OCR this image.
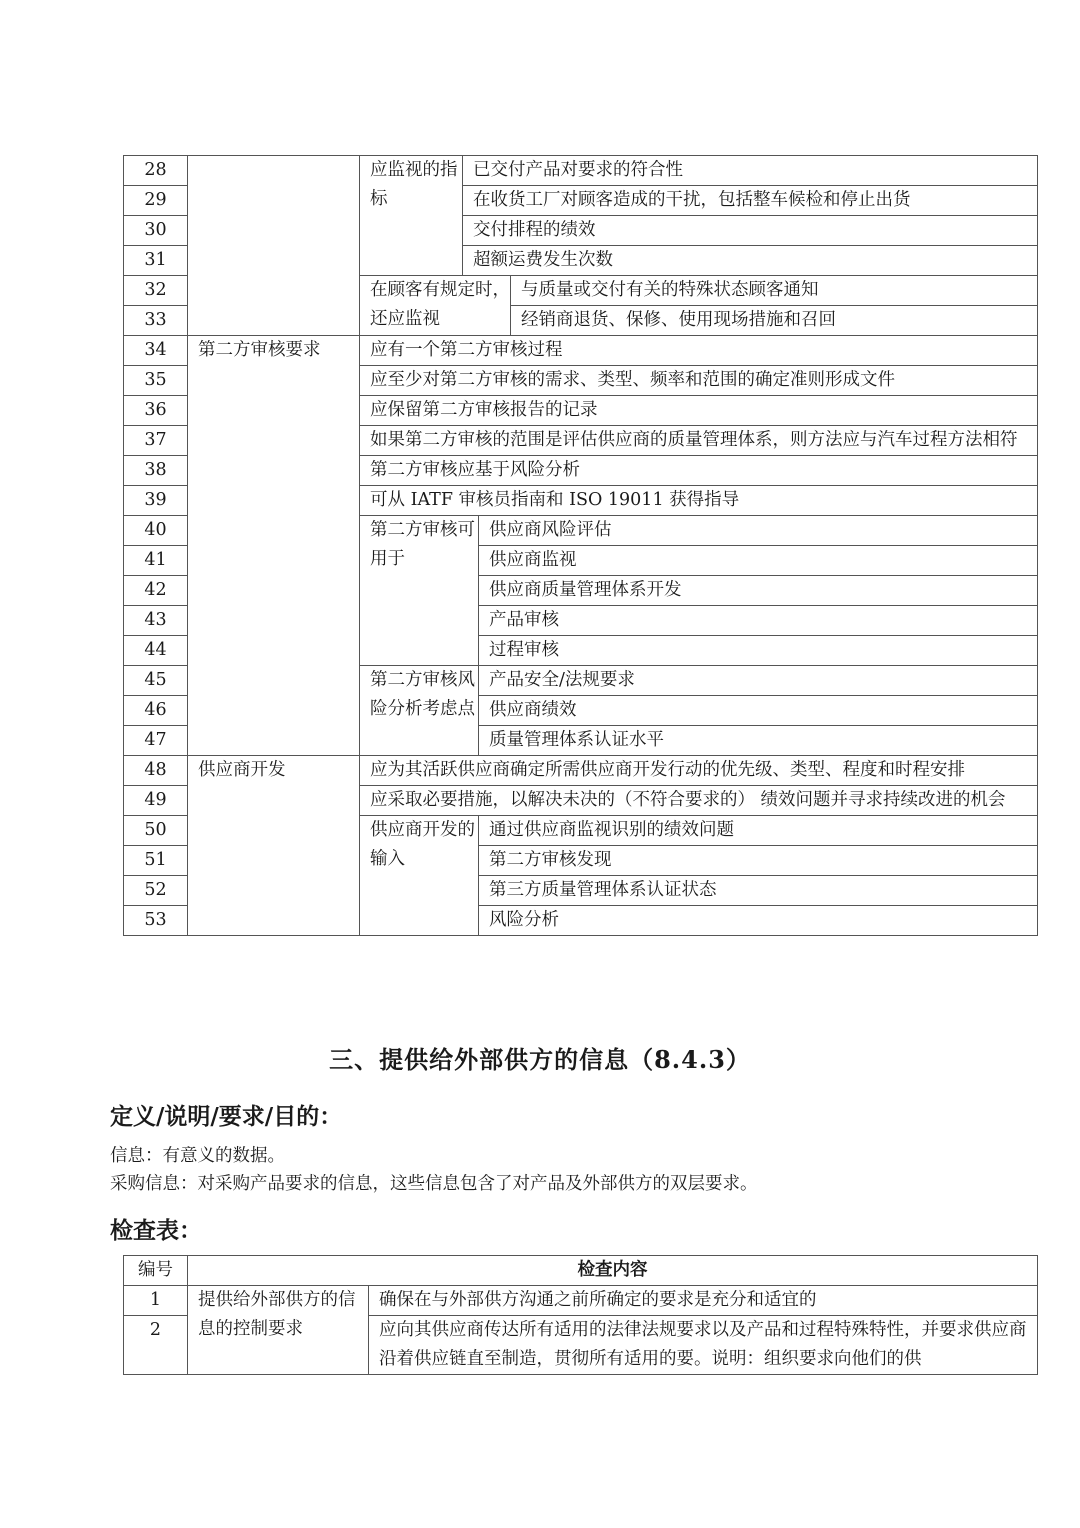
28		应监视的指标	已交付产品对要求的符合性		
29			在收货工厂对顾客造成的干扰，包括整车候检和停止出货		
30			交付排程的绩效		
31			超额运费发生次数		
32		在顾客有规定时，还应监视			与质量或交付有关的特殊状态顾客通知
33					经销商退货、保修、使用现场措施和召回
34	第二方审核要求	应有一个第二方审核过程			
35		应至少对第二方审核的需求、类型、频率和范围的确定准则形成文件			
36		应保留第二方审核报告的记录			
37		如果第二方审核的范围是评估供应商的质量管理体系，则方法应与汽车过程方法相符			
38		第二方审核应基于风险分析			
39		可从 IATF 审核员指南和 ISO 19011 获得指导			
40		第二方审核可用于		供应商风险评估	
41				供应商监视	
42				供应商质量管理体系开发	
43				产品审核	
44				过程审核	
45		第二方审核风险分析考虑点		产品安全/法规要求	
46				供应商绩效	
47				质量管理体系认证水平	
48	供应商开发	应为其活跃供应商确定所需供应商开发行动的优先级、类型、程度和时程安排			
49		应采取必要措施，以解决未决的（不符合要求的） 绩效问题并寻求持续改进的机会			
50		供应商开发的输入		通过供应商监视识别的绩效问题	
51				第二方审核发现	
52				第三方质量管理体系认证状态	
53				风险分析	
三、提供给外部供方的信息（8.4.3）
定义/说明/要求/目的：
信息：有意义的数据。
采购信息：对采购产品要求的信息，这些信息包含了对产品及外部供方的双层要求。
检查表：
编号	检查内容	
1	提供给外部供方的信息的控制要求	确保在与外部供方沟通之前所确定的要求是充分和适宜的
2		应向其供应商传达所有适用的法律法规要求以及产品和过程特殊特性，并要求供应商沿着供应链直至制造，贯彻所有适用的要。说明：组织要求向他们的供
